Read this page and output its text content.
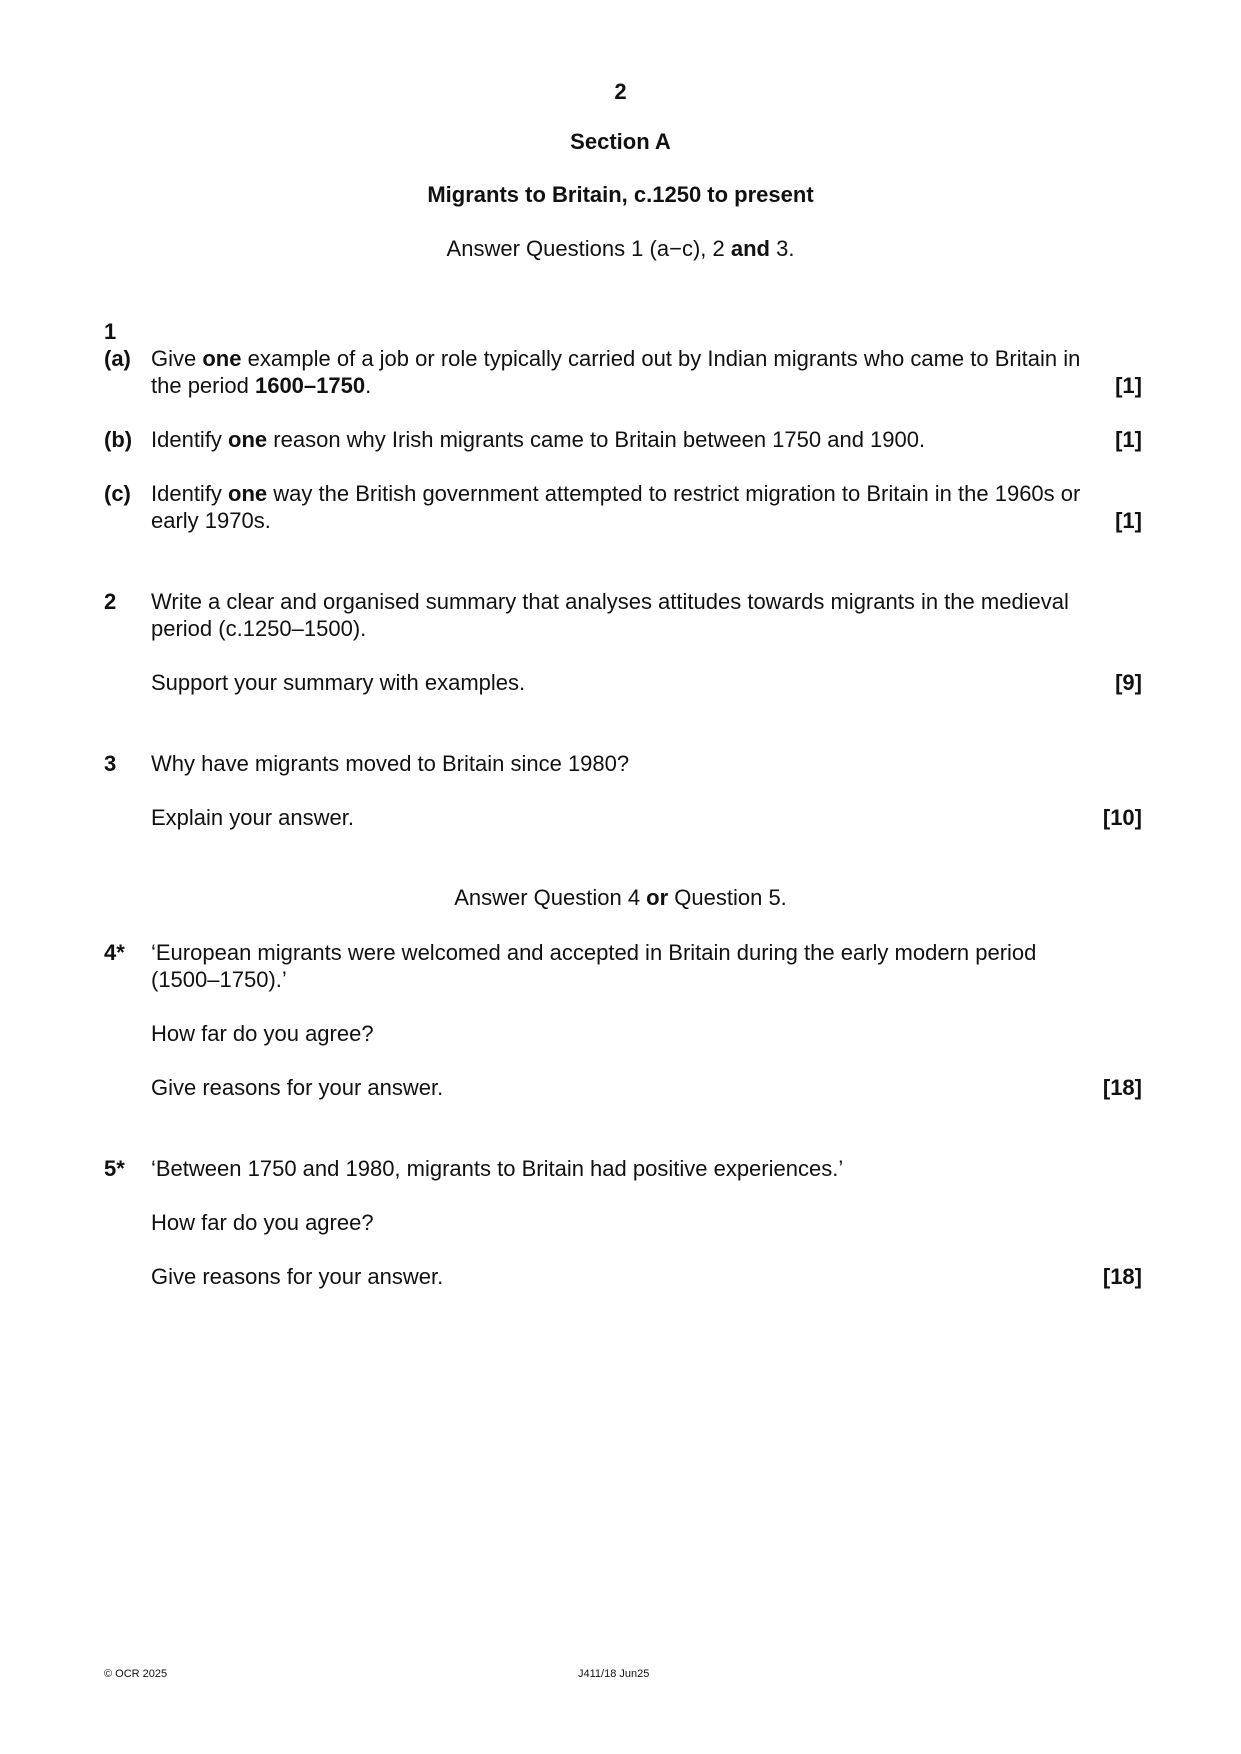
2
Section A
Migrants to Britain, c.1250 to present
Answer Questions 1 (a−c), 2 and 3.
1
(a) Give one example of a job or role typically carried out by Indian migrants who came to Britain in
the period 1600–1750.	[1]
(b) Identify one reason why Irish migrants came to Britain between 1750 and 1900.	[1]
(c) Identify one way the British government attempted to restrict migration to Britain in the 1960s or
early 1970s.	[1]
2 Write a clear and organised summary that analyses attitudes towards migrants in the medieval
period (c.1250–1500).
Support your summary with examples.	[9]
3 Why have migrants moved to Britain since 1980?
Explain your answer.	[10]
Answer Question 4 or Question 5.
4* ‘European migrants were welcomed and accepted in Britain during the early modern period
(1500–1750).’
How far do you agree?
Give reasons for your answer.	[18]
5* ‘Between 1750 and 1980, migrants to Britain had positive experiences.’
How far do you agree?
Give reasons for your answer.	[18]
© OCR 2025	J411/18 Jun25
